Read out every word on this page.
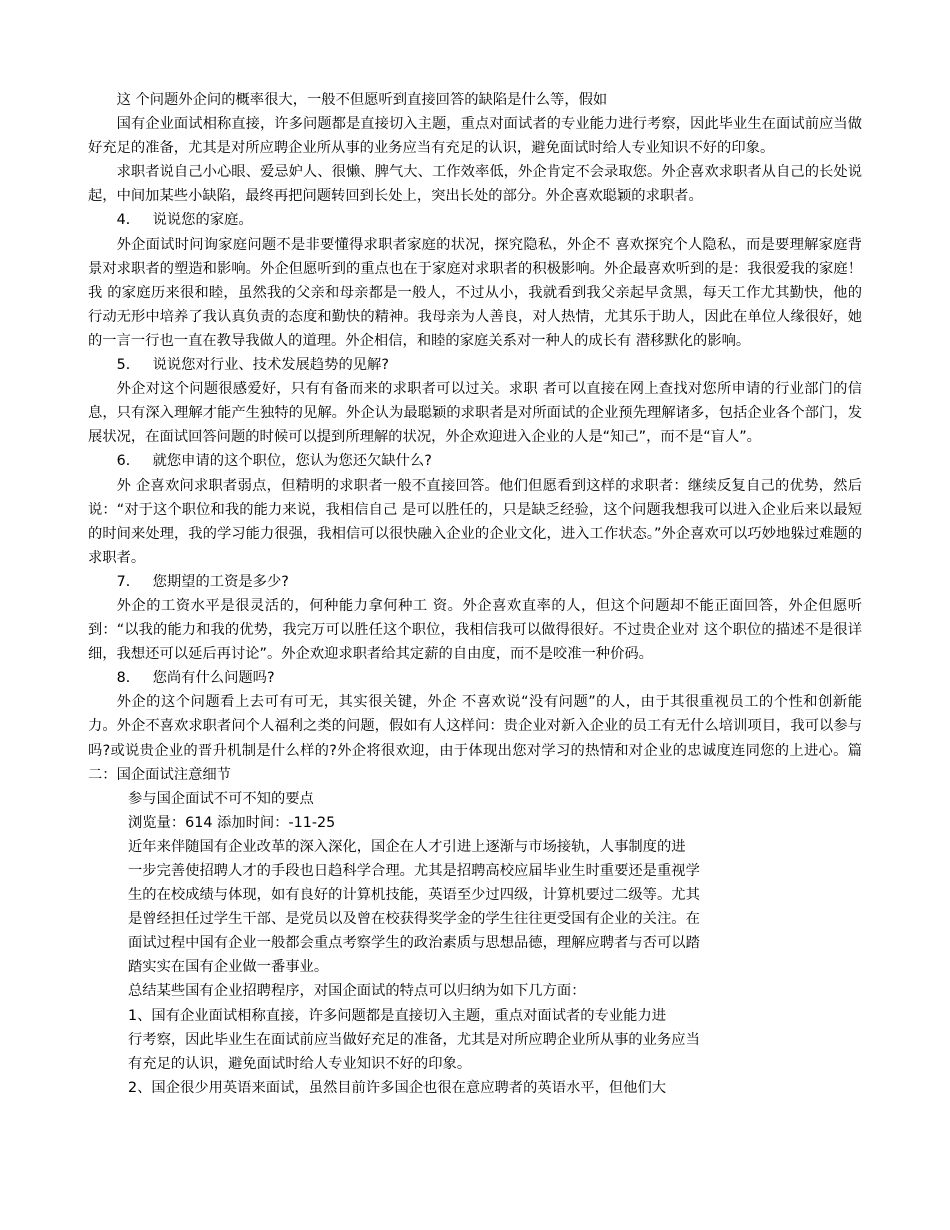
这 个问题外企问的概率很大，一般不但愿听到直接回答的缺陷是什么等，假如

国有企业面试相称直接，许多问题都是直接切入主题，重点对面试者的专业能力进行考察，因此毕业生在面试前应当做好充足的准备，尤其是对所应聘企业所从事的业务应当有充足的认识，避免面试时给人专业知识不好的印象。

求职者说自己小心眼、爱忌妒人、很懒、脾气大、工作效率低，外企肯定不会录取您。外企喜欢求职者从自己的长处说起，中间加某些小缺陷，最终再把问题转回到长处上，突出长处的部分。外企喜欢聪颖的求职者。

4． 说说您的家庭。

外企面试时问询家庭问题不是非要懂得求职者家庭的状况，探究隐私，外企不 喜欢探究个人隐私，而是要理解家庭背景对求职者的塑造和影响。外企但愿听到的重点也在于家庭对求职者的积极影响。外企最喜欢听到的是：我很爱我的家庭！我 的家庭历来很和睦，虽然我的父亲和母亲都是一般人，不过从小，我就看到我父亲起早贪黑，每天工作尤其勤快，他的行动无形中培养了我认真负责的态度和勤快的精神。我母亲为人善良，对人热情，尤其乐于助人，因此在单位人缘很好，她的一言一行也一直在教导我做人的道理。外企相信，和睦的家庭关系对一种人的成长有 潜移默化的影响。

5． 说说您对行业、技术发展趋势的见解?

外企对这个问题很感爱好，只有有备而来的求职者可以过关。求职 者可以直接在网上查找对您所申请的行业部门的信息，只有深入理解才能产生独特的见解。外企认为最聪颖的求职者是对所面试的企业预先理解诸多，包括企业各个部门，发展状况，在面试回答问题的时候可以提到所理解的状况，外企欢迎进入企业的人是“知己”，而不是“盲人”。

6． 就您申请的这个职位，您认为您还欠缺什么?

外 企喜欢问求职者弱点，但精明的求职者一般不直接回答。他们但愿看到这样的求职者：继续反复自己的优势，然后说：“对于这个职位和我的能力来说，我相信自己 是可以胜任的，只是缺乏经验，这个问题我想我可以进入企业后来以最短的时间来处理，我的学习能力很强，我相信可以很快融入企业的企业文化，进入工作状态。”外企喜欢可以巧妙地躲过难题的求职者。

7． 您期望的工资是多少?

外企的工资水平是很灵活的，何种能力拿何种工 资。外企喜欢直率的人，但这个问题却不能正面回答，外企但愿听到：“以我的能力和我的优势，我完万可以胜任这个职位，我相信我可以做得很好。不过贵企业对 这个职位的描述不是很详细，我想还可以延后再讨论”。外企欢迎求职者给其定薪的自由度，而不是咬准一种价码。

8． 您尚有什么问题吗?

外企的这个问题看上去可有可无，其实很关键，外企 不喜欢说“没有问题”的人，由于其很重视员工的个性和创新能力。外企不喜欢求职者问个人福利之类的问题，假如有人这样问：贵企业对新入企业的员工有无什么培训项目，我可以参与吗?或说贵企业的晋升机制是什么样的?外企将很欢迎，由于体现出您对学习的热情和对企业的忠诚度连同您的上进心。篇二：国企面试注意细节

参与国企面试不可不知的要点

浏览量：614 添加时间：-11-25

近年来伴随国有企业改革的深入深化，国企在人才引进上逐渐与市场接轨，人事制度的进

一步完善使招聘人才的手段也日趋科学合理。尤其是招聘高校应届毕业生时重要还是重视学

生的在校成绩与体现，如有良好的计算机技能，英语至少过四级，计算机要过二级等。尤其

是曾经担任过学生干部、是党员以及曾在校获得奖学金的学生往往更受国有企业的关注。在

面试过程中国有企业一般都会重点考察学生的政治素质与思想品德，理解应聘者与否可以踏

踏实实在国有企业做一番事业。

总结某些国有企业招聘程序，对国企面试的特点可以归纳为如下几方面：

1、国有企业面试相称直接，许多问题都是直接切入主题，重点对面试者的专业能力进

行考察，因此毕业生在面试前应当做好充足的准备，尤其是对所应聘企业所从事的业务应当

有充足的认识，避免面试时给人专业知识不好的印象。

2、国企很少用英语来面试，虽然目前许多国企也很在意应聘者的英语水平，但他们大
